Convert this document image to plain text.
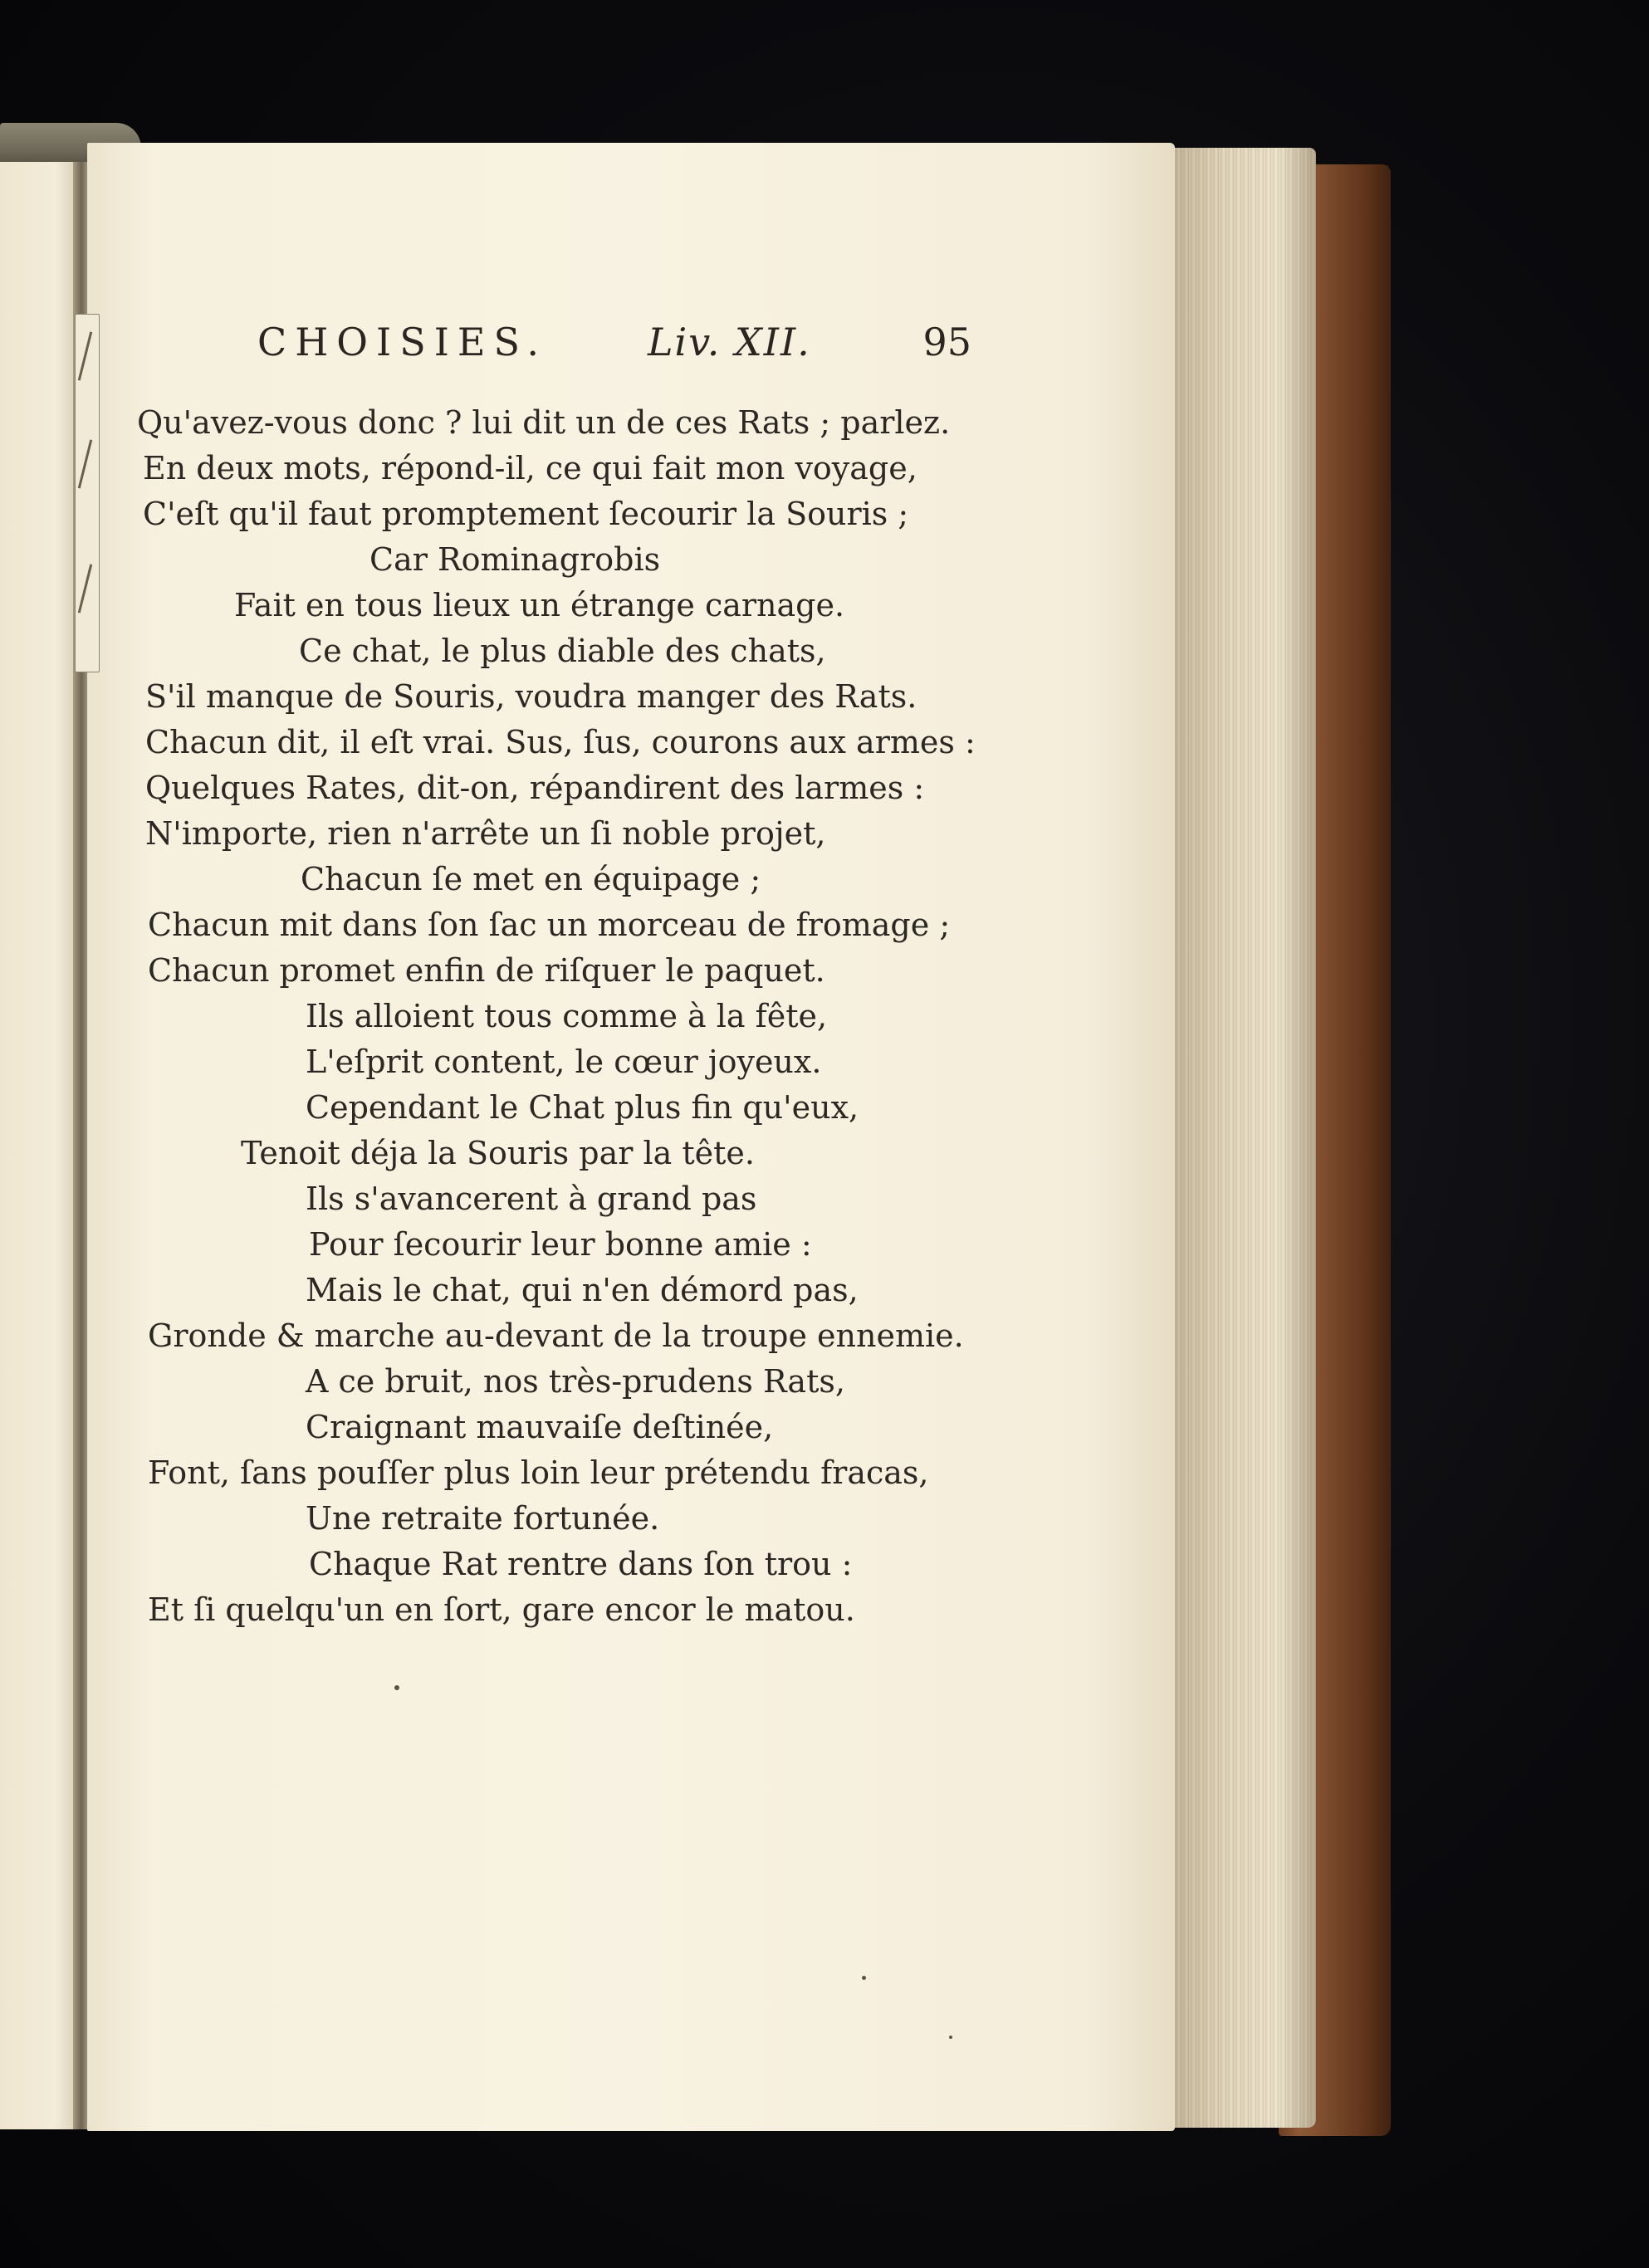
CHOISIES.	Liv. XII.	95
Qu'avez-vous donc ? lui dit un de ces Rats ; parlez.
En deux mots, répond-il, ce qui fait mon voyage,
C'eſt qu'il faut promptement ſecourir la Souris ;
Car Rominagrobis
Fait en tous lieux un étrange carnage.
Ce chat, le plus diable des chats,
S'il manque de Souris, voudra manger des Rats.
Chacun dit, il eſt vrai. Sus, ſus, courons aux armes :
Quelques Rates, dit-on, répandirent des larmes :
N'importe, rien n'arrête un ſi noble projet,
Chacun ſe met en équipage ;
Chacun mit dans ſon ſac un morceau de fromage ;
Chacun promet enfin de riſquer le paquet.
Ils alloient tous comme à la fête,
L'eſprit content, le cœur joyeux.
Cependant le Chat plus fin qu'eux,
Tenoit déja la Souris par la tête.
Ils s'avancerent à grand pas
Pour ſecourir leur bonne amie :
Mais le chat, qui n'en démord pas,
Gronde & marche au-devant de la troupe ennemie.
A ce bruit, nos très-prudens Rats,
Craignant mauvaiſe deſtinée,
Font, ſans pouſſer plus loin leur prétendu fracas,
Une retraite fortunée.
Chaque Rat rentre dans ſon trou :
Et ſi quelqu'un en ſort, gare encor le matou.
